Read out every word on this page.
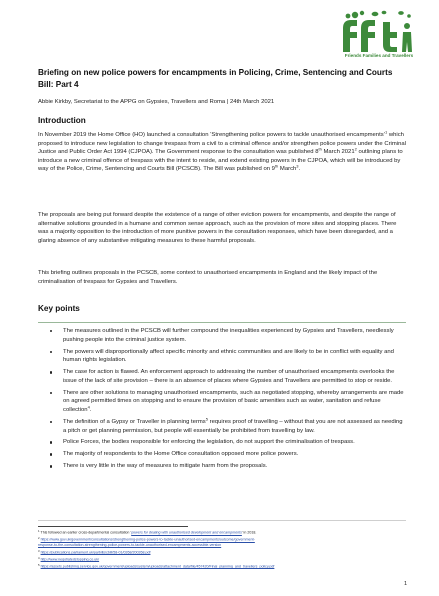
Friends Families and Travellers
Briefing on new police powers for encampments in Policing, Crime, Sentencing and Courts Bill: Part 4
Abbie Kirkby, Secretariat to the APPG on Gypsies, Travellers and Roma | 24th March 2021
Introduction

In November 2019 the Home Office (HO) launched a consultation ‘Strengthening police powers to tackle unauthorised encampments’$^1$ which proposed to introduce new legislation to change trespass from a civil to a criminal offence and/or strengthen police powers under the Criminal Justice and Public Order Act 1994 (CJPOA). The Government response to the consultation was published 8th March 2021$^2$ outlining plans to introduce a new criminal offence of trespass with the intent to reside, and extend existing powers in the CJPOA, which will be introduced by way of the Police, Crime, Sentencing and Courts Bill (PCSCB). The Bill was published on 9th March$^3$.

The proposals are being put forward despite the existence of a range of other eviction powers for encampments, and despite the range of alternative solutions grounded in a humane and common sense approach, such as the provision of more sites and stopping places. There was a majority opposition to the introduction of more punitive powers in the consultation responses, which have been disregarded, and a glaring absence of any substantive mitigating measures to these harmful proposals.

This briefing outlines proposals in the PCSCB, some context to unauthorised encampments in England and the likely impact of the criminalisation of trespass for Gypsies and Travellers.

Key points
The measures outlined in the PCSCB will further compound the inequalities experienced by Gypsies and Travellers, needlessly pushing people into the criminal justice system.
The powers will disproportionally affect specific minority and ethnic communities and are likely to be in conflict with equality and human rights legislation.
The case for action is flawed. An enforcement approach to addressing the number of unauthorised encampments overlooks the issue of the lack of site provision – there is an absence of places where Gypsies and Travellers are permitted to stop or reside.
There are other solutions to managing unauthorised encampments, such as negotiated stopping, whereby arrangements are made on agreed permitted times on stopping and to ensure the provision of basic amenities such as water, sanitation and refuse collection$^4$.
The definition of a Gypsy or Traveller in planning terms$^5$ requires proof of travelling – without that you are not assessed as needing a pitch or get planning permission, but people will essentially be prohibited from travelling by law.
Police Forces, the bodies responsible for enforcing the legislation, do not support the criminalisation of trespass.
The majority of respondents to the Home Office consultation opposed more police powers.
There is very little in the way of measures to mitigate harm from the proposals.

$^1$ This followed an earlier cross-departmental consultation ‘powers for dealing with unauthorised development and encampments’ in 2018.

$^2$ https://www.gov.uk/government/consultations/strengthening-police-powers-to-tackle-unauthorised-encampments/outcome/government-

response-to-the-consultation-strengthening-police-powers-to-tackle-unauthorised-encampments-accessible-version

$^3$ https://publications.parliament.uk/pa/bills/cbill/58-01/0268/200268.pdf

$^4$ http://www.negotiatedstopping.co.uk/

$^5$ https://assets.publishing.service.gov.uk/government/uploads/system/uploads/attachment_data/file/457420/Final_planning_and_travellers_policy.pdf

1
